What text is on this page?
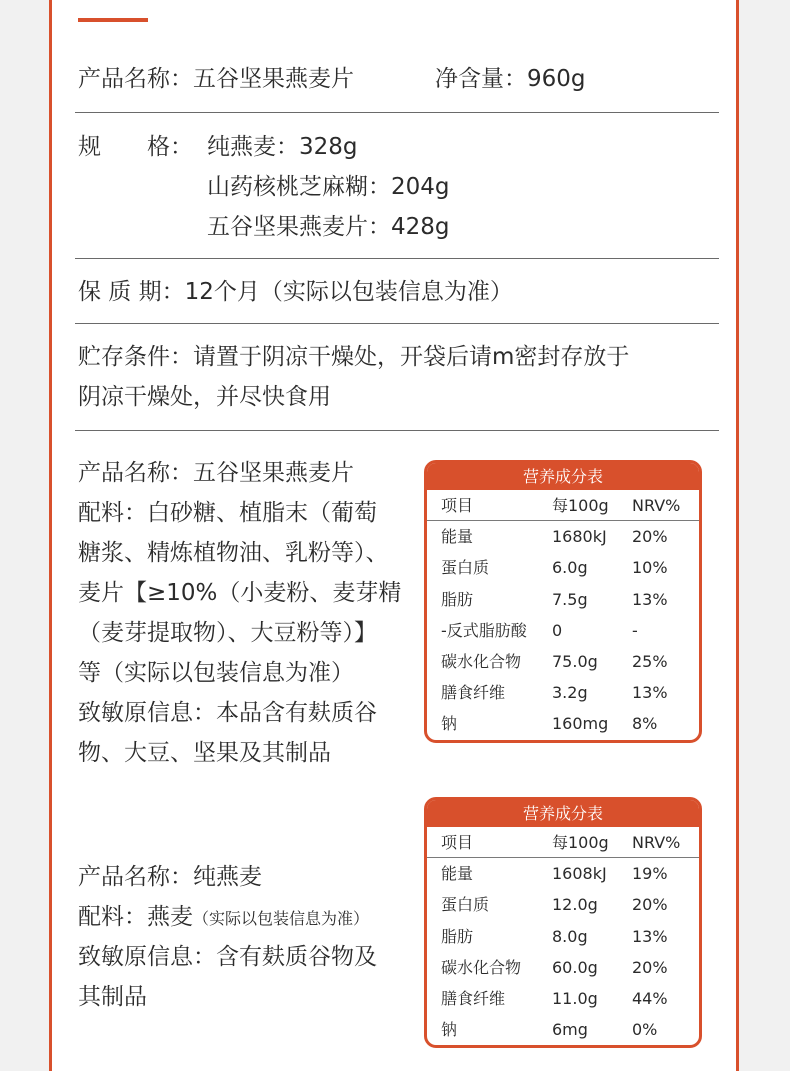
产品名称：五谷坚果燕麦片	净含量：960g
规　　格： 纯燕麦：328g
山药核桃芝麻糊：204g
五谷坚果燕麦片：428g
保 质 期：12个月（实际以包装信息为准）
贮存条件：请置于阴凉干燥处，开袋后请m密封存放于
阴凉干燥处，并尽快食用
产品名称：五谷坚果燕麦片
配料：白砂糖、植脂末（葡萄
糖浆、精炼植物油、乳粉等）、
麦片【≥10%（小麦粉、麦芽精
（麦芽提取物）、大豆粉等）】
等（实际以包装信息为准）
致敏原信息：本品含有麸质谷
物、大豆、坚果及其制品
营养成分表
项目	每100g NRV%
能量	1680kJ 20%
蛋白质	6.0g	10%
脂肪	7.5g	13%
-反式脂肪酸 0	-
碳水化合物 75.0g 25%
膳食纤维	3.2g	13%
钠	160mg 8%
产品名称：纯燕麦
配料：燕麦（实际以包装信息为准）
致敏原信息：含有麸质谷物及
其制品
营养成分表
项目	每100g NRV%
能量	1608kJ 19%
蛋白质	12.0g 20%
脂肪	8.0g	13%
碳水化合物 60.0g 20%
膳食纤维	11.0g 44%
钠	6mg	0%
